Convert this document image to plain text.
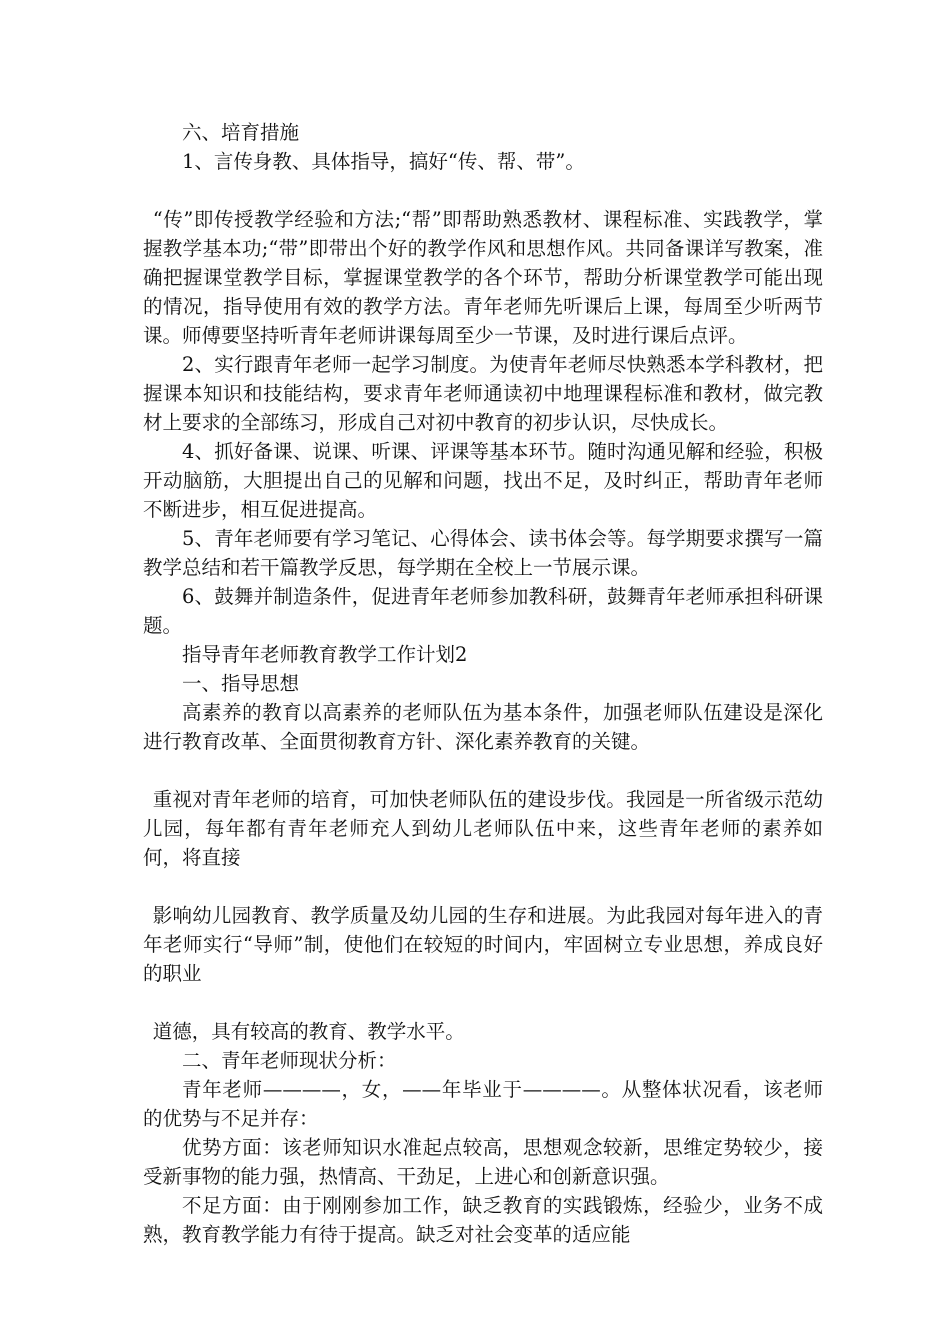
六、培育措施

1、言传身教、具体指导，搞好“传、帮、带”。

“传”即传授教学经验和方法;“帮”即帮助熟悉教材、课程标准、实践教学，掌握教学基本功;“带”即带出个好的教学作风和思想作风。共同备课详写教案，准确把握课堂教学目标，掌握课堂教学的各个环节，帮助分析课堂教学可能出现的情况，指导使用有效的教学方法。青年老师先听课后上课，每周至少听两节课。师傅要坚持听青年老师讲课每周至少一节课，及时进行课后点评。

2、实行跟青年老师一起学习制度。为使青年老师尽快熟悉本学科教材，把握课本知识和技能结构，要求青年老师通读初中地理课程标准和教材，做完教材上要求的全部练习，形成自己对初中教育的初步认识，尽快成长。

4、抓好备课、说课、听课、评课等基本环节。随时沟通见解和经验，积极开动脑筋，大胆提出自己的见解和问题，找出不足，及时纠正，帮助青年老师不断进步，相互促进提高。

5、青年老师要有学习笔记、心得体会、读书体会等。每学期要求撰写一篇教学总结和若干篇教学反思，每学期在全校上一节展示课。

6、鼓舞并制造条件，促进青年老师参加教科研，鼓舞青年老师承担科研课题。

指导青年老师教育教学工作计划2

一、指导思想

高素养的教育以高素养的老师队伍为基本条件，加强老师队伍建设是深化进行教育改革、全面贯彻教育方针、深化素养教育的关键。

重视对青年老师的培育，可加快老师队伍的建设步伐。我园是一所省级示范幼儿园，每年都有青年老师充人到幼儿老师队伍中来，这些青年老师的素养如何，将直接

影响幼儿园教育、教学质量及幼儿园的生存和进展。为此我园对每年进入的青年老师实行“导师”制，使他们在较短的时间内，牢固树立专业思想，养成良好的职业

道德，具有较高的教育、教学水平。

二、青年老师现状分析：

青年老师————，女，——年毕业于————。从整体状况看，该老师的优势与不足并存：

优势方面：该老师知识水准起点较高，思想观念较新，思维定势较少，接受新事物的能力强，热情高、干劲足，上进心和创新意识强。

不足方面：由于刚刚参加工作，缺乏教育的实践锻炼，经验少，业务不成熟，教育教学能力有待于提高。缺乏对社会变革的适应能
